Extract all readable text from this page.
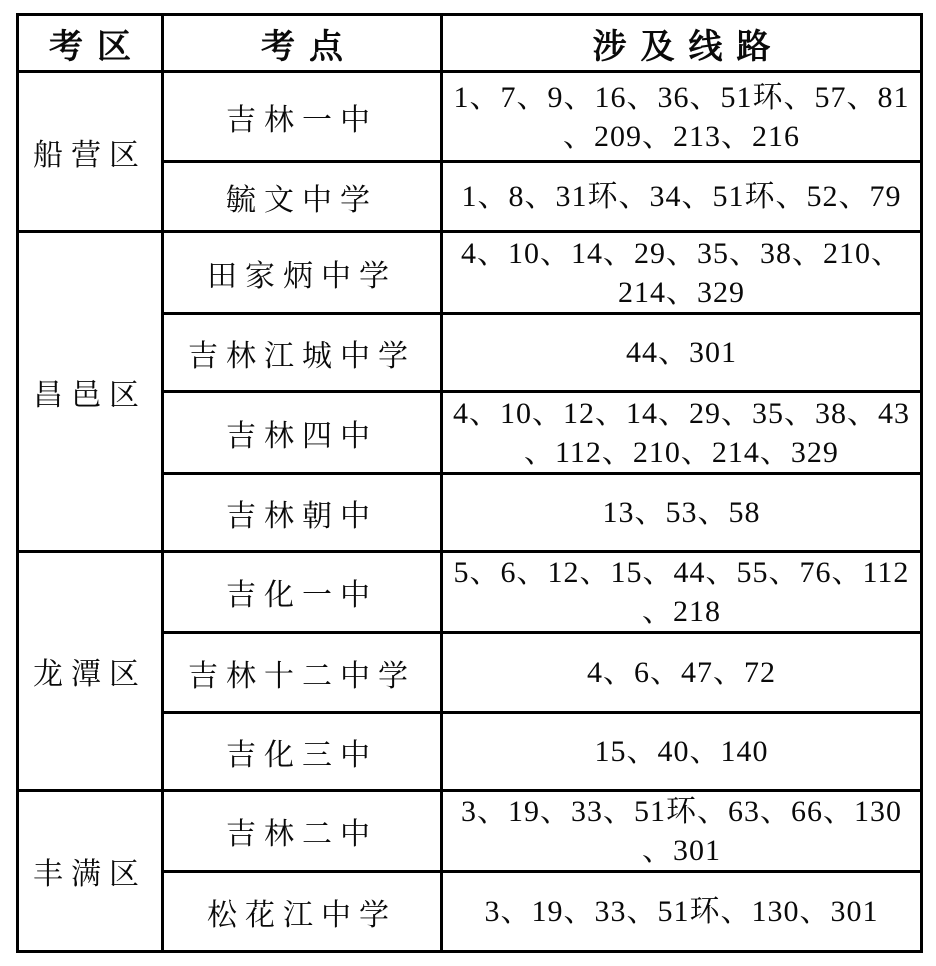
考区	考点	涉及线路
船营区	吉林一中	1、7、9、16、36、51环、57、81
、209、213、216

	毓文中学	1、8、31环、34、51环、52、79

昌邑区	田家炳中学	4、10、14、29、35、38、210、
214、329

	吉林江城中学	44、301

	吉林四中	4、10、12、14、29、35、38、43
、112、210、214、329

	吉林朝中	13、53、58

龙潭区	吉化一中	5、6、12、15、44、55、76、112
、218

	吉林十二中学	4、6、47、72

	吉化三中	15、40、140

丰满区	吉林二中	3、19、33、51环、63、66、130
、301

	松花江中学	3、19、33、51环、130、301
